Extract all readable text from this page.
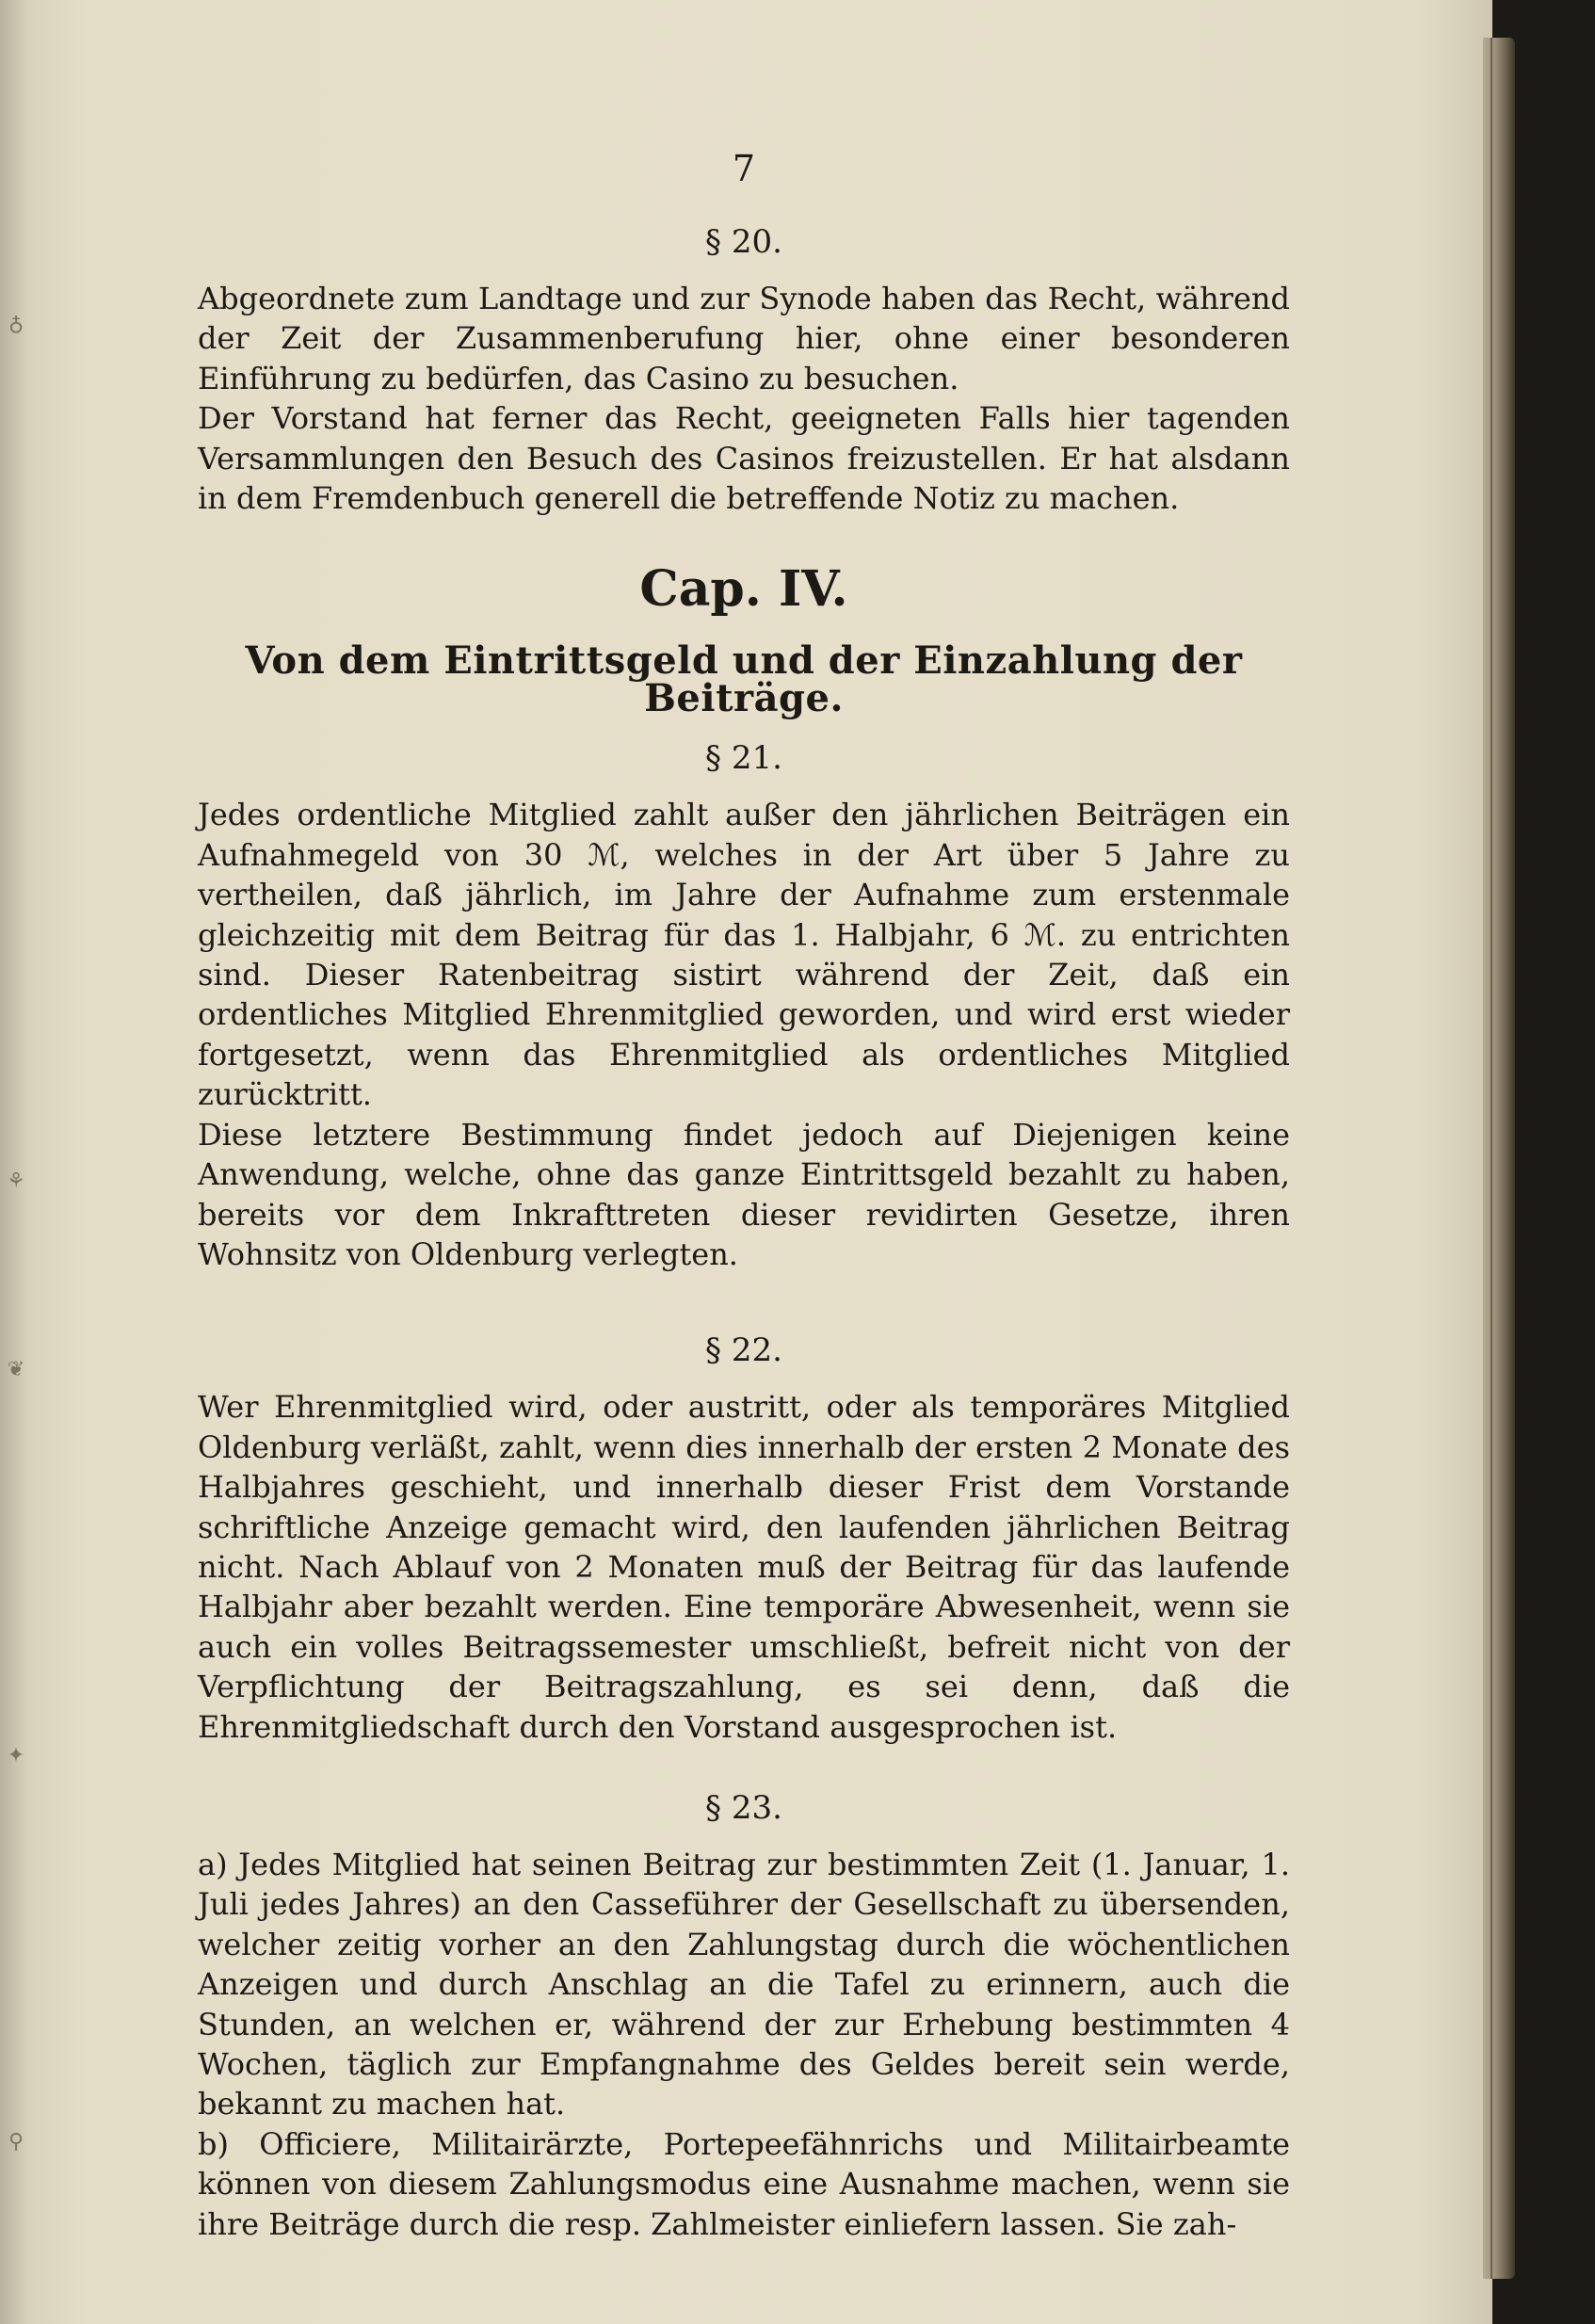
♁
⚘
❦
✦
⚲
7
§ 20.

Abgeordnete zum Landtage und zur Synode haben das Recht, während der Zeit der Zusammenberufung hier, ohne einer besonderen Einführung zu bedürfen, das Casino zu besuchen.

Der Vorstand hat ferner das Recht, geeigneten Falls hier tagenden Versammlungen den Besuch des Casinos freizustellen. Er hat alsdann in dem Fremdenbuch generell die betreffende Notiz zu machen.

Cap. IV.
Von dem Eintrittsgeld und der Einzahlung der Beiträge.
§ 21.

Jedes ordentliche Mitglied zahlt außer den jährlichen Beiträgen ein Aufnahmegeld von 30 ℳ, welches in der Art über 5 Jahre zu vertheilen, daß jährlich, im Jahre der Aufnahme zum erstenmale gleichzeitig mit dem Beitrag für das 1. Halbjahr, 6 ℳ. zu entrichten sind. Dieser Ratenbeitrag sistirt während der Zeit, daß ein ordentliches Mitglied Ehrenmitglied geworden, und wird erst wieder fortgesetzt, wenn das Ehrenmitglied als ordentliches Mitglied zurücktritt.

Diese letztere Bestimmung findet jedoch auf Diejenigen keine Anwendung, welche, ohne das ganze Eintrittsgeld bezahlt zu haben, bereits vor dem Inkrafttreten dieser revidirten Gesetze, ihren Wohnsitz von Oldenburg verlegten.

§ 22.

Wer Ehrenmitglied wird, oder austritt, oder als temporäres Mitglied Oldenburg verläßt, zahlt, wenn dies innerhalb der ersten 2 Monate des Halbjahres geschieht, und innerhalb dieser Frist dem Vorstande schriftliche Anzeige gemacht wird, den laufenden jährlichen Beitrag nicht. Nach Ablauf von 2 Monaten muß der Beitrag für das laufende Halbjahr aber bezahlt werden. Eine temporäre Abwesenheit, wenn sie auch ein volles Beitragssemester umschließt, befreit nicht von der Verpflichtung der Beitragszahlung, es sei denn, daß die Ehrenmitgliedschaft durch den Vorstand ausgesprochen ist.

§ 23.

a) Jedes Mitglied hat seinen Beitrag zur bestimmten Zeit (1. Januar, 1. Juli jedes Jahres) an den Casseführer der Gesellschaft zu übersenden, welcher zeitig vorher an den Zahlungstag durch die wöchentlichen Anzeigen und durch Anschlag an die Tafel zu erinnern, auch die Stunden, an welchen er, während der zur Erhebung bestimmten 4 Wochen, täglich zur Empfangnahme des Geldes bereit sein werde, bekannt zu machen hat.

b) Officiere, Militairärzte, Portepeefähnrichs und Militairbeamte können von diesem Zahlungsmodus eine Ausnahme machen, wenn sie ihre Beiträge durch die resp. Zahlmeister einliefern lassen. Sie zah-
